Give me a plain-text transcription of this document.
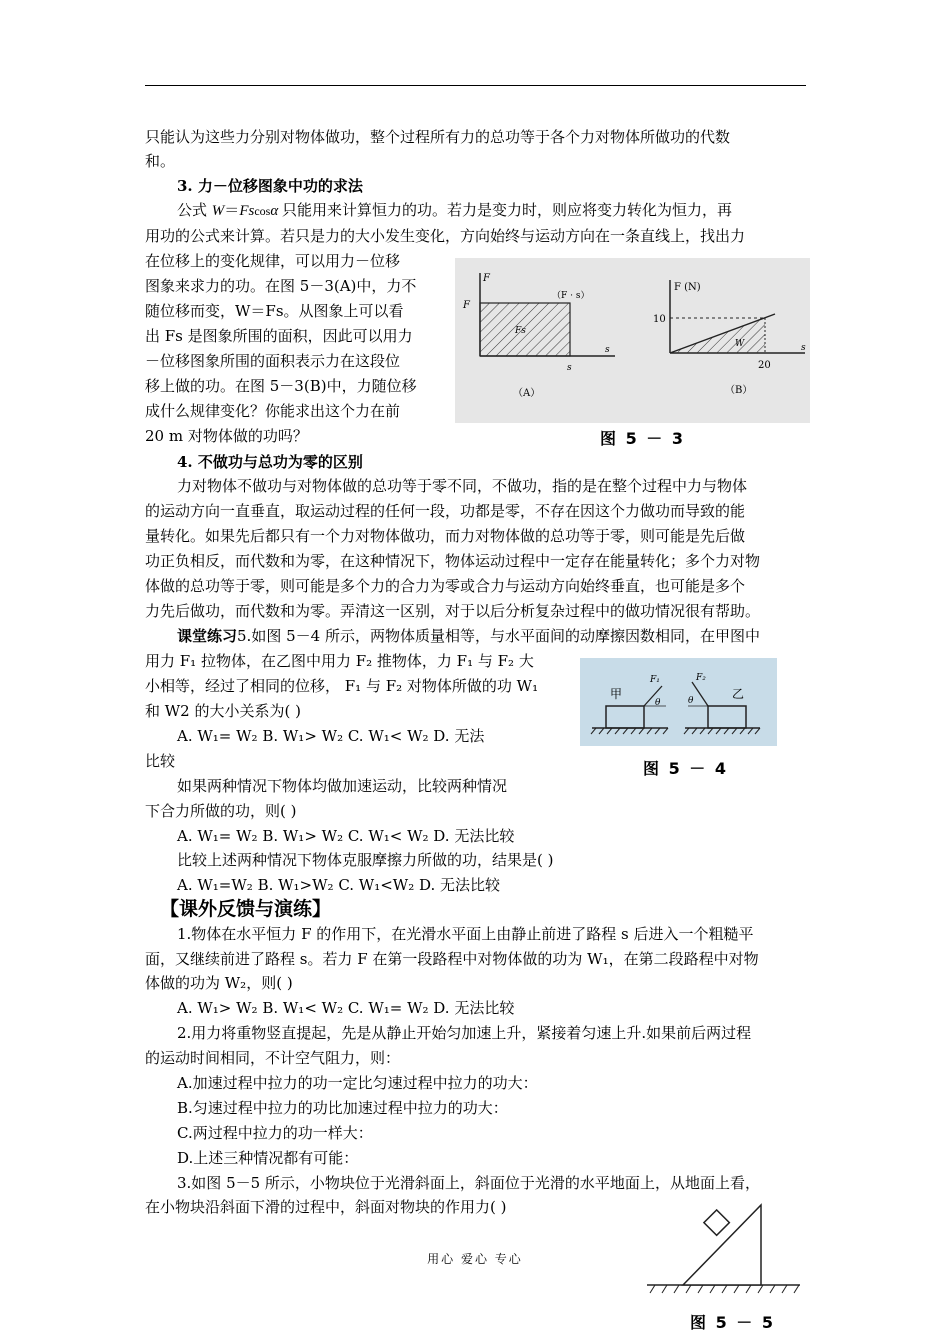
只能认为这些力分别对物体做功，整个过程所有力的总功等于各个力对物体所做功的代数
和。
3. 力－位移图象中功的求法
公式 W＝Fscosα 只能用来计算恒力的功。若力是变力时，则应将变力转化为恒力，再
用功的公式来计算。若只是力的大小发生变化，方向始终与运动方向在一条直线上，找出力
在位移上的变化规律，可以用力－位移
图象来求力的功。在图 5－3(A)中，力不
随位移而变，W＝Fs。从图象上可以看
出 Fs 是图象所围的面积，因此可以用力
－位移图象所围的面积表示力在这段位
移上做的功。在图 5－3(B)中，力随位移
成什么规律变化？你能求出这个力在前
20 m 对物体做的功吗？
F
F
（F · s）
Fs
s
s
（A）
F (N)
10
20
W	s
（B）
图 5 － 3
4. 不做功与总功为零的区别
力对物体不做功与对物体做的总功等于零不同，不做功，指的是在整个过程中力与物体
的运动方向一直垂直，取运动过程的任何一段，功都是零，不存在因这个力做功而导致的能
量转化。如果先后都只有一个力对物体做功，而力对物体做的总功等于零，则可能是先后做
功正负相反，而代数和为零，在这种情况下，物体运动过程中一定存在能量转化；多个力对物
体做的总功等于零，则可能是多个力的合力为零或合力与运动方向始终垂直，也可能是多个
力先后做功，而代数和为零。弄清这一区别，对于以后分析复杂过程中的做功情况很有帮助。
课堂练习5.如图 5－4 所示，两物体质量相等，与水平面间的动摩擦因数相同，在甲图中
用力 F₁ 拉物体，在乙图中用力 F₂ 推物体，力 F₁ 与 F₂ 大
小相等，经过了相同的位移， F₁ 与 F₂ 对物体所做的功 W₁
和 W2 的大小关系为( )
A. W₁= W₂ B. W₁> W₂ C. W₁< W₂ D. 无法
比较
甲
F₁
θ
乙
F₂
θ
图 5 － 4
如果两种情况下物体均做加速运动，比较两种情况
下合力所做的功，则( )
A. W₁= W₂ B. W₁> W₂ C. W₁< W₂ D. 无法比较
比较上述两种情况下物体克服摩擦力所做的功，结果是( )
A. W₁=W₂ B. W₁>W₂ C. W₁<W₂ D. 无法比较
【课外反馈与演练】
1.物体在水平恒力 F 的作用下，在光滑水平面上由静止前进了路程 s 后进入一个粗糙平
面，又继续前进了路程 s。若力 F 在第一段路程中对物体做的功为 W₁，在第二段路程中对物
体做的功为 W₂，则( )
A. W₁> W₂ B. W₁< W₂ C. W₁= W₂ D. 无法比较
2.用力将重物竖直提起，先是从静止开始匀加速上升，紧接着匀速上升.如果前后两过程
的运动时间相同，不计空气阻力，则：
A.加速过程中拉力的功一定比匀速过程中拉力的功大：
B.匀速过程中拉力的功比加速过程中拉力的功大：
C.两过程中拉力的功一样大：
D.上述三种情况都有可能：
3.如图 5－5 所示，小物块位于光滑斜面上，斜面位于光滑的水平地面上，从地面上看，
在小物块沿斜面下滑的过程中，斜面对物块的作用力( )
图 5 － 5
用心 爱心 专心
